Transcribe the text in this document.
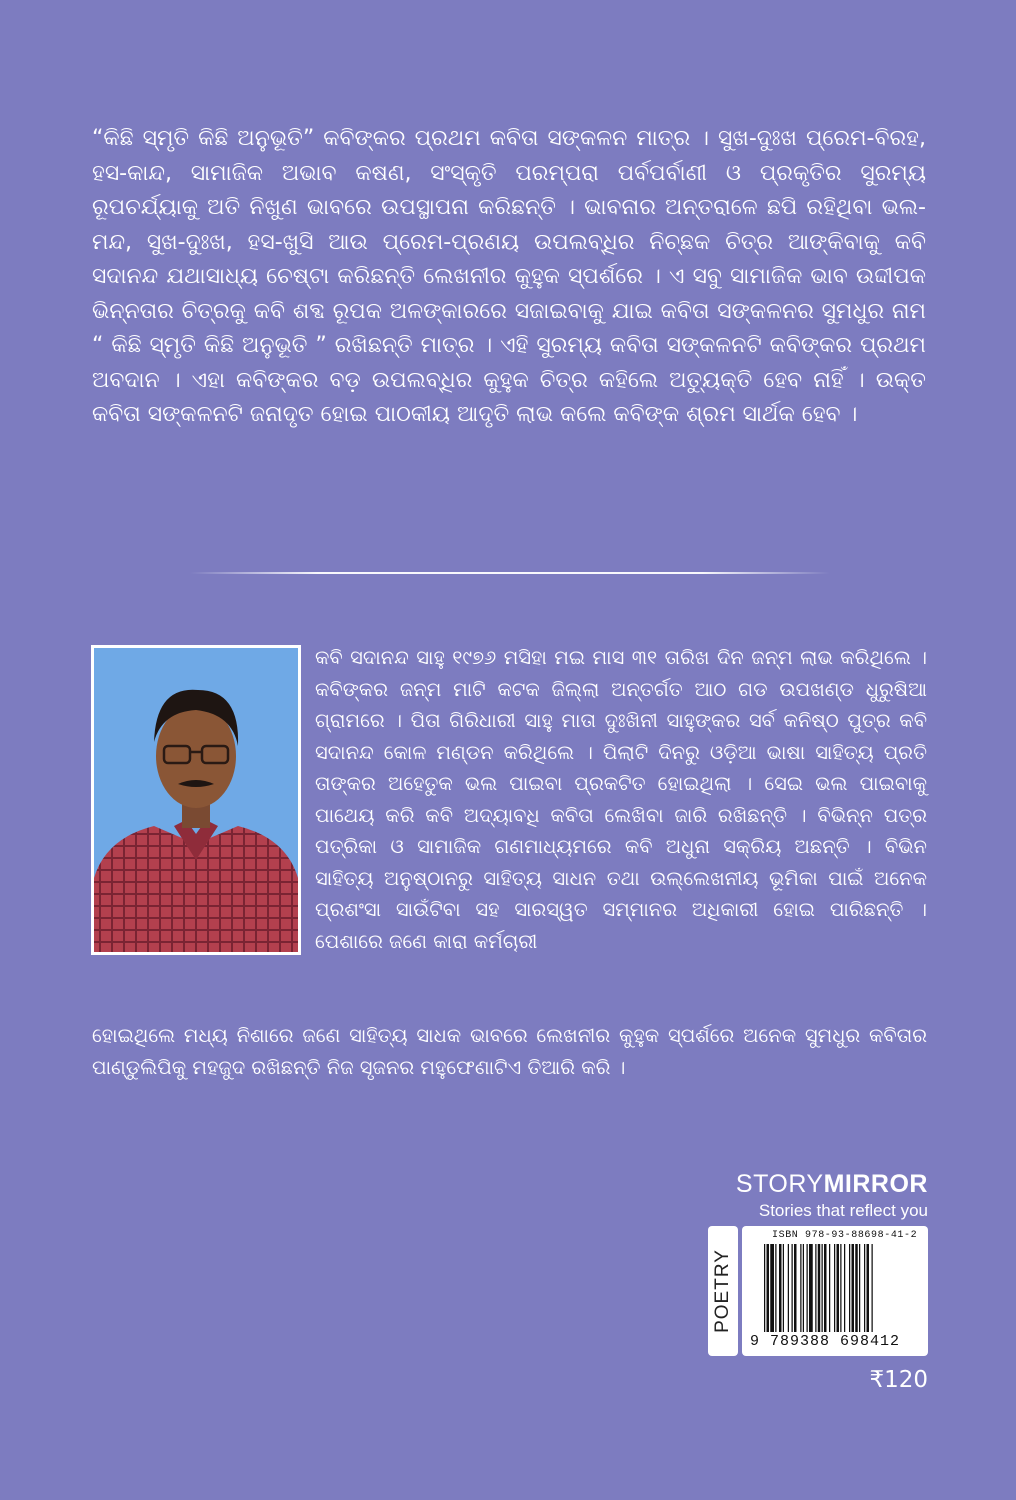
“କିଛି ସ୍ମୃତି କିଛି ଅନୁଭୂତି” କବିଙ୍କର ପ୍ରଥମ କବିତା ସଙ୍କଳନ ମାତ୍ର । ସୁଖ-ଦୁଃଖ ପ୍ରେମ-ବିରହ, ହସ-କାନ୍ଦ, ସାମାଜିକ ଅଭାବ କଷଣ, ସଂସ୍କୃତି ପରମ୍ପରା ପର୍ବପର୍ବାଣୀ ଓ ପ୍ରକୃତିର ସୁରମ୍ୟ ରୂପଚର୍ଯ୍ୟାକୁ ଅତି ନିଖୁଣ ଭାବରେ ଉପସ୍ଥାପନା କରିଛନ୍ତି । ଭାବନାର ଅନ୍ତରାଳେ ଛପି ରହିଥିବା ଭଲ-ମନ୍ଦ, ସୁଖ-ଦୁଃଖ, ହସ-ଖୁସି ଆଉ ପ୍ରେମ-ପ୍ରଣୟ ଉପଲବ୍ଧିର ନିଚ୍ଛକ ଚିତ୍ର ଆଙ୍କିବାକୁ କବି ସଦାନନ୍ଦ ଯଥାସାଧ୍ୟ ଚେଷ୍ଟା କରିଛନ୍ତି ଲେଖନୀର କୁହୁକ ସ୍ପର୍ଶରେ । ଏ ସବୁ ସାମାଜିକ ଭାବ ଉଦ୍ଦୀପକ ଭିନ୍ନତାର ଚିତ୍ରକୁ କବି ଶବ୍ଦ ରୂପକ ଅଳଙ୍କାରରେ ସଜାଇବାକୁ ଯାଇ କବିତା ସଙ୍କଳନର ସୁମଧୁର ନାମ “ କିଛି ସ୍ମୃତି କିଛି ଅନୁଭୂତି ” ରଖିଛନ୍ତି ମାତ୍ର । ଏହି ସୁରମ୍ୟ କବିତା ସଙ୍କଳନଟି କବିଙ୍କର ପ୍ରଥମ ଅବଦାନ । ଏହା କବିଙ୍କର ବଡ଼ ଉପଲବ୍ଧିର କୁହୁକ ଚିତ୍ର କହିଲେ ଅତ୍ୟୁକ୍ତି ହେବ ନାହିଁ । ଉକ୍ତ କବିତା ସଙ୍କଳନଟି ଜନାଦୃତ ହୋଇ ପାଠକୀୟ ଆଦୃତି ଲାଭ କଲେ କବିଙ୍କ ଶ୍ରମ ସାର୍ଥକ ହେବ ।

କବି ସଦାନନ୍ଦ ସାହୁ ୧୯୭୬ ମସିହା ମଇ ମାସ ୩୧ ତାରିଖ ଦିନ ଜନ୍ମ ଲାଭ କରିଥିଲେ । କବିଙ୍କର ଜନ୍ମ ମାଟି କଟକ ଜିଲ୍ଲା ଅନ୍ତର୍ଗତ ଆଠ ଗଡ ଉପଖଣ୍ଡ ଧୁରୁଷିଆ ଗ୍ରାମରେ । ପିତା ଗିରିଧାରୀ ସାହୁ ମାତା ଦୁଃଖିନୀ ସାହୁଙ୍କର ସର୍ବ କନିଷ୍ଠ ପୁତ୍ର କବି ସଦାନନ୍ଦ କୋଳ ମଣ୍ଡନ କରିଥିଲେ । ପିଲାଟି ଦିନରୁ ଓଡ଼ିଆ ଭାଷା ସାହିତ୍ୟ ପ୍ରତି ତାଙ୍କର ଅହେତୁକ ଭଲ ପାଇବା ପ୍ରକଟିତ ହୋଇଥିଲା । ସେଇ ଭଲ ପାଇବାକୁ ପାଥେୟ କରି କବି ଅଦ୍ୟାବଧି କବିତା ଲେଖିବା ଜାରି ରଖିଛନ୍ତି । ବିଭିନ୍ନ ପତ୍ର ପତ୍ରିକା ଓ ସାମାଜିକ ଗଣମାଧ୍ୟମରେ କବି ଅଧୁନା ସକ୍ରିୟ ଅଛନ୍ତି । ବିଭିନ ସାହିତ୍ୟ ଅନୁଷ୍ଠାନରୁ ସାହିତ୍ୟ ସାଧନ ତଥା ଉଲ୍ଲେଖନୀୟ ଭୂମିକା ପାଇଁ ଅନେକ ପ୍ରଶଂସା ସାଉଁଟିବା ସହ ସାରସ୍ୱତ ସମ୍ମାନର ଅଧିକାରୀ ହୋଇ ପାରିଛନ୍ତି । ପେଶାରେ ଜଣେ କାରା କର୍ମଚାରୀ

ହୋଇଥିଲେ ମଧ୍ୟ ନିଶାରେ ଜଣେ ସାହିତ୍ୟ ସାଧକ ଭାବରେ ଲେଖନୀର କୁହୁକ ସ୍ପର୍ଶରେ ଅନେକ ସୁମଧୁର କବିତାର ପାଣ୍ଡୁଲିପିକୁ ମହଜୁଦ ରଖିଛନ୍ତି ନିଜ ସୃଜନର ମହୁଫେଣାଟିଏ ତିଆରି କରି ।

STORYMIRROR
Stories that reflect you
POETRY
ISBN 978-93-88698-41-2
9 789388 698412
₹120
